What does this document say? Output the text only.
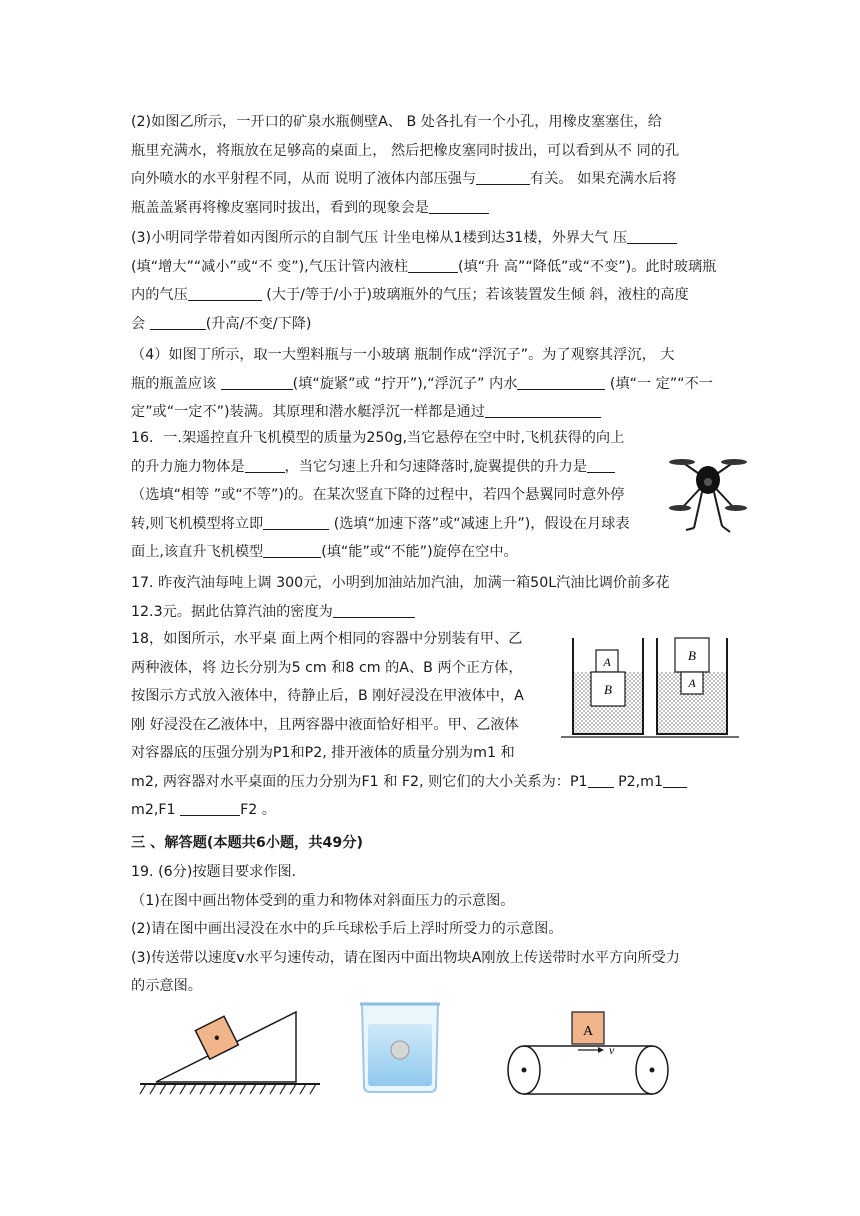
(2)如图乙所示，一开口的矿泉水瓶侧壁A、 B 处各扎有一个小孔，用橡皮塞塞住，给

瓶里充满水，将瓶放在足够高的桌面上， 然后把橡皮塞同时拔出，可以看到从不 同的孔

向外喷水的水平射程不同，从而 说明了液体内部压强与	有关。 如果充满水后将

瓶盖盖紧再将橡皮塞同时拔出，看到的现象会是

(3)小明同学带着如丙图所示的自制气压 计坐电梯从1楼到达31楼，外界大气 压

(填“增大”“减小”或“不 变”),气压计管内液柱	(填“升 高”“降低”或“不变”)。此时玻璃瓶

内的气压	(大于/等于/小于)玻璃瓶外的气压；若该装置发生倾 斜，液柱的高度

会	(升高/不变/下降)

（4）如图丁所示，取一大塑料瓶与一小玻璃 瓶制作成“浮沉子”。为了观察其浮沉， 大

瓶的瓶盖应该	(填“旋紧”或 “拧开”),“浮沉子” 内水	(填“一 定”“不一

定”或“一定不”)装满。其原理和潜水艇浮沉一样都是通过

16．一.架遥控直升飞机模型的质量为250g,当它悬停在空中时,飞机获得的向上

的升力施力物体是	，当它匀速上升和匀速降落时,旋翼提供的升力是

（选填“相等 ”或“不等”)的。在某次竖直下降的过程中，若四个悬翼同时意外停

转,则飞机模型将立即	(选填“加速下落”或“减速上升”)，假设在月球表

面上,该直升飞机模型	(填“能”或“不能”)旋停在空中。

17. 昨夜汽油每吨上调 300元，小明到加油站加汽油，加满一箱50L汽油比调价前多花

12.3元。据此估算汽油的密度为

18，如图所示，水平桌 面上两个相同的容器中分别装有甲、乙

两种液体，将 边长分别为5 cm 和8 cm 的A、B 两个正方体，

按图示方式放入液体中，待静止后，B 刚好浸没在甲液体中，A

刚 好浸没在乙液体中，且两容器中液面恰好相平。甲、乙液体

对容器底的压强分别为P1和P2, 排开液体的质量分别为m1 和

m2, 两容器对水平桌面的压力分别为F1 和 F2, 则它们的大小关系为：P1 P2,m1

m2,F1	F2 。

A
B
B
A

三 、解答题(本题共6小题，共49分)

19. (6分)按题目要求作图.

（1)在图中画出物体受到的重力和物体对斜面压力的示意图。

(2)请在图中画出浸没在水中的乒乓球松手后上浮时所受力的示意图。

(3)传送带以速度v水平匀速传动，请在图丙中面出物块A刚放上传送带时水平方向所受力

的示意图。

A
v
